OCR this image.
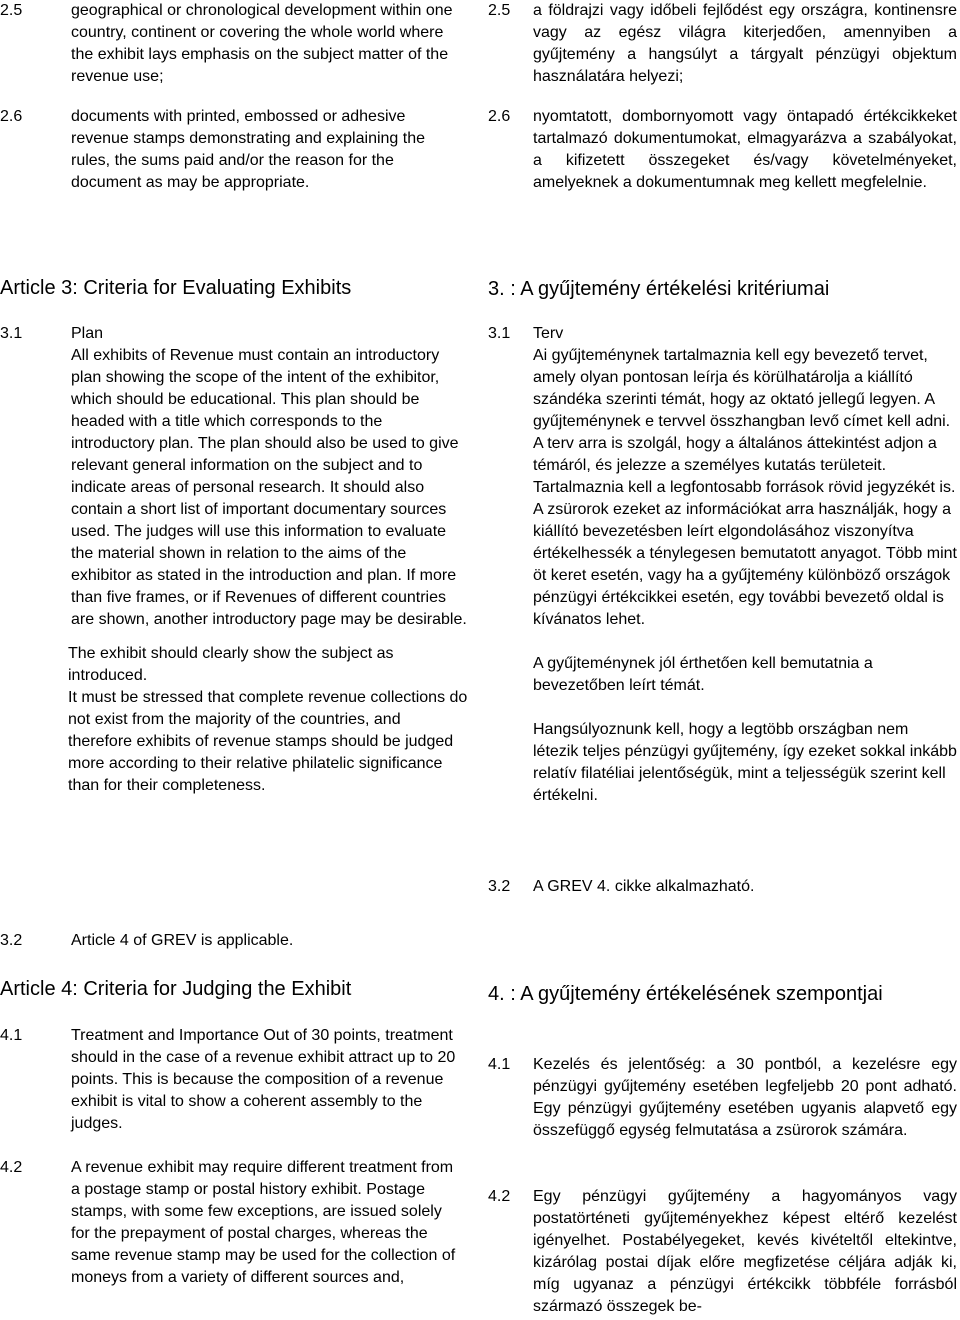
2.5	geographical or chronological development within one country, continent or covering the whole world where the exhibit lays emphasis on the subject matter of the revenue use;
2.6	documents with printed, embossed or adhesive revenue stamps demonstrating and explaining the rules, the sums paid and/or the reason for the document as may be appropriate.
Article 3: Criteria for Evaluating Exhibits
3.1	Plan

All exhibits of Revenue must contain an introductory plan showing the scope of the intent of the exhibitor, which should be educational. This plan should be headed with a title which corresponds to the introductory plan. The plan should also be used to give relevant general information on the subject and to indicate areas of personal research. It should also contain a short list of important documentary sources used. The judges will use this information to evaluate the material shown in relation to the aims of the exhibitor as stated in the introduction and plan. If more than five frames, or if Revenues of different countries are shown, another introductory page may be desirable.

The exhibit should clearly show the subject as introduced.

It must be stressed that complete revenue collections do not exist from the majority of the countries, and therefore exhibits of revenue stamps should be judged more according to their relative philatelic significance than for their completeness.

3.2	Article 4 of GREV is applicable.
Article 4: Criteria for Judging the Exhibit
4.1	Treatment and Importance Out of 30 points, treatment should in the case of a revenue exhibit attract up to 20 points. This is because the composition of a revenue exhibit is vital to show a coherent assembly to the judges.
4.2	A revenue exhibit may require different treatment from a postage stamp or postal history exhibit. Postage stamps, with some few exceptions, are issued solely for the prepayment of postal charges, whereas the same revenue stamp may be used for the collection of moneys from a variety of different sources and,
2.5 a földrajzi vagy időbeli fejlődést egy országra, kontinensre vagy az egész világra kiterjedően, amennyiben a gyűjtemény a hangsúlyt a tárgyalt pénzügyi objektum használatára helyezi;
2.6 nyomtatott, dombornyomott vagy öntapadó értékcikkeket tartalmazó dokumentumokat, elmagyarázva a szabályokat, a kifizetett összegeket és/vagy követelményeket, amelyeknek a dokumentumnak meg kellett megfelelnie.
3. : A gyűjtemény értékelési kritériumai
3.1 Terv

Ai gyűjteménynek tartalmaznia kell egy bevezető tervet, amely olyan pontosan leírja és körülhatárolja a kiállító szándéka szerinti témát, hogy az oktató jellegű legyen. A gyűjteménynek e tervvel összhangban levő címet kell adni. A terv arra is szolgál, hogy a általános áttekintést adjon a témáról, és jelezze a személyes kutatás területeit. Tartalmaznia kell a legfontosabb források rövid jegyzékét is. A zsürorok ezeket az információkat arra használják, hogy a kiállító bevezetésben leírt elgondolásához viszonyítva értékelhessék a ténylegesen bemutatott anyagot. Több mint öt keret esetén, vagy ha a gyűjtemény különböző országok pénzügyi értékcikkei esetén, egy további bevezető oldal is kívánatos lehet.

A gyűjteménynek jól érthetően kell bemutatnia a bevezetőben leírt témát.

Hangsúlyoznunk kell, hogy a legtöbb országban nem létezik teljes pénzügyi gyűjtemény, így ezeket sokkal inkább relatív filatéliai jelentőségük, mint a teljességük szerint kell értékelni.

3.2 A GREV 4. cikke alkalmazható.
4. : A gyűjtemény értékelésének szempontjai
4.1 Kezelés és jelentőség: a 30 pontból, a kezelésre egy pénzügyi gyűjtemény esetében legfeljebb 20 pont adható. Egy pénzügyi gyűjtemény esetében ugyanis alapvető egy összefüggő egység felmutatása a zsürorok számára.
4.2 Egy pénzügyi gyűjtemény a hagyományos vagy postatörténeti gyűjteményekhez képest eltérő kezelést igényelhet. Postabélyegeket, kevés kivételtől eltekintve, kizárólag postai díjak előre megfizetése céljára adják ki, míg ugyanaz a pénzügyi értékcikk többféle forrásból származó összegek be-
